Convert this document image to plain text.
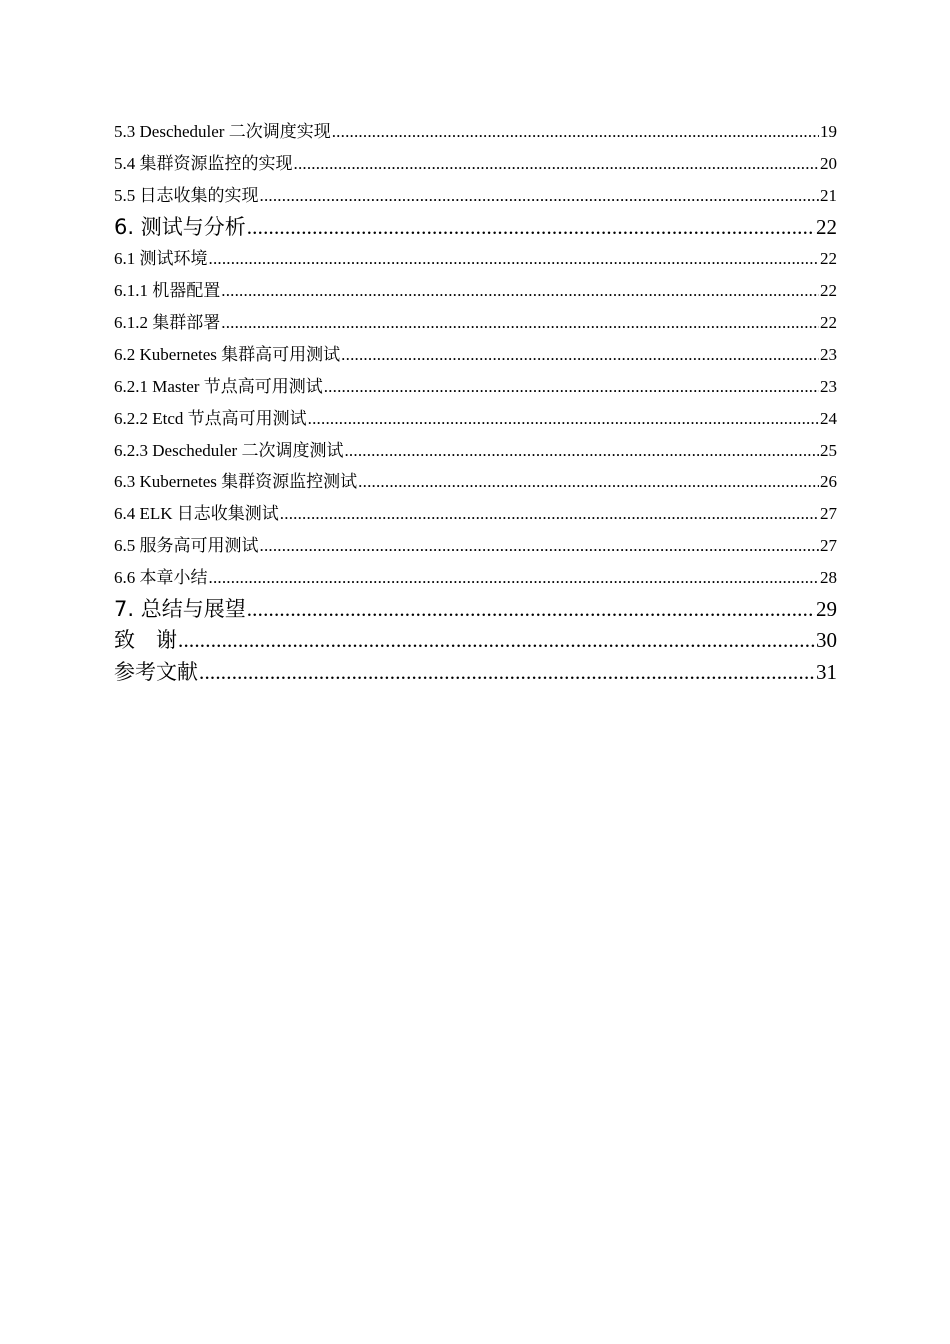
5.3 Descheduler 二次调度实现 .....	19
5.4 集群资源监控的实现 .....	20
5.5 日志收集的实现 .....	21
6. 测试与分析 .....	22
6.1 测试环境 .....	22
6.1.1 机器配置 .....	22
6.1.2 集群部署 .....	22
6.2 Kubernetes 集群高可用测试 .....	23
6.2.1 Master 节点高可用测试 .....	23
6.2.2 Etcd 节点高可用测试 .....	24
6.2.3 Descheduler 二次调度测试 .....	25
6.3 Kubernetes 集群资源监控测试 .....	26
6.4 ELK 日志收集测试 .....	27
6.5 服务高可用测试 .....	27
6.6 本章小结 .....	28
7. 总结与展望 .....	29
致　谢 .....	30
参考文献 .....	31
